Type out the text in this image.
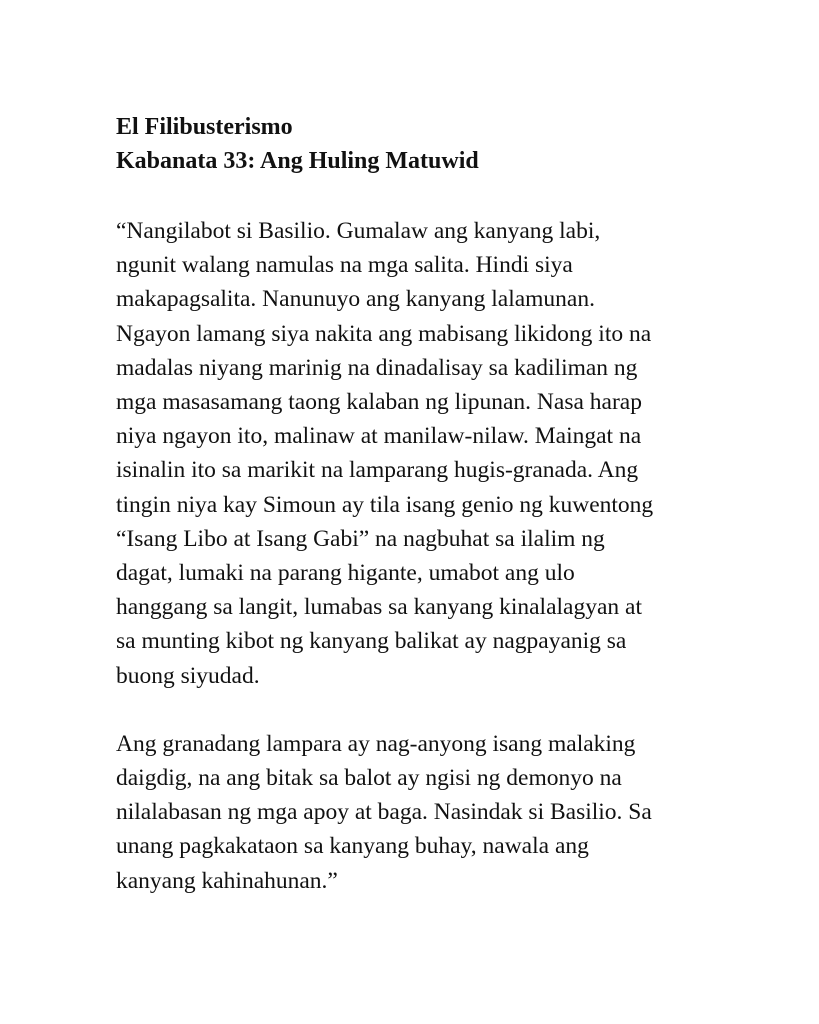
El Filibusterismo
Kabanata 33: Ang Huling Matuwid

“Nangilabot si Basilio. Gumalaw ang kanyang labi,
ngunit walang namulas na mga salita. Hindi siya
makapagsalita. Nanunuyo ang kanyang lalamunan.
Ngayon lamang siya nakita ang mabisang likidong ito na
madalas niyang marinig na dinadalisay sa kadiliman ng
mga masasamang taong kalaban ng lipunan. Nasa harap
niya ngayon ito, malinaw at manilaw-nilaw. Maingat na
isinalin ito sa marikit na lamparang hugis-granada. Ang
tingin niya kay Simoun ay tila isang genio ng kuwentong
“Isang Libo at Isang Gabi” na nagbuhat sa ilalim ng
dagat, lumaki na parang higante, umabot ang ulo
hanggang sa langit, lumabas sa kanyang kinalalagyan at
sa munting kibot ng kanyang balikat ay nagpayanig sa
buong siyudad.

Ang granadang lampara ay nag-anyong isang malaking
daigdig, na ang bitak sa balot ay ngisi ng demonyo na
nilalabasan ng mga apoy at baga. Nasindak si Basilio. Sa
unang pagkakataon sa kanyang buhay, nawala ang
kanyang kahinahunan.”
